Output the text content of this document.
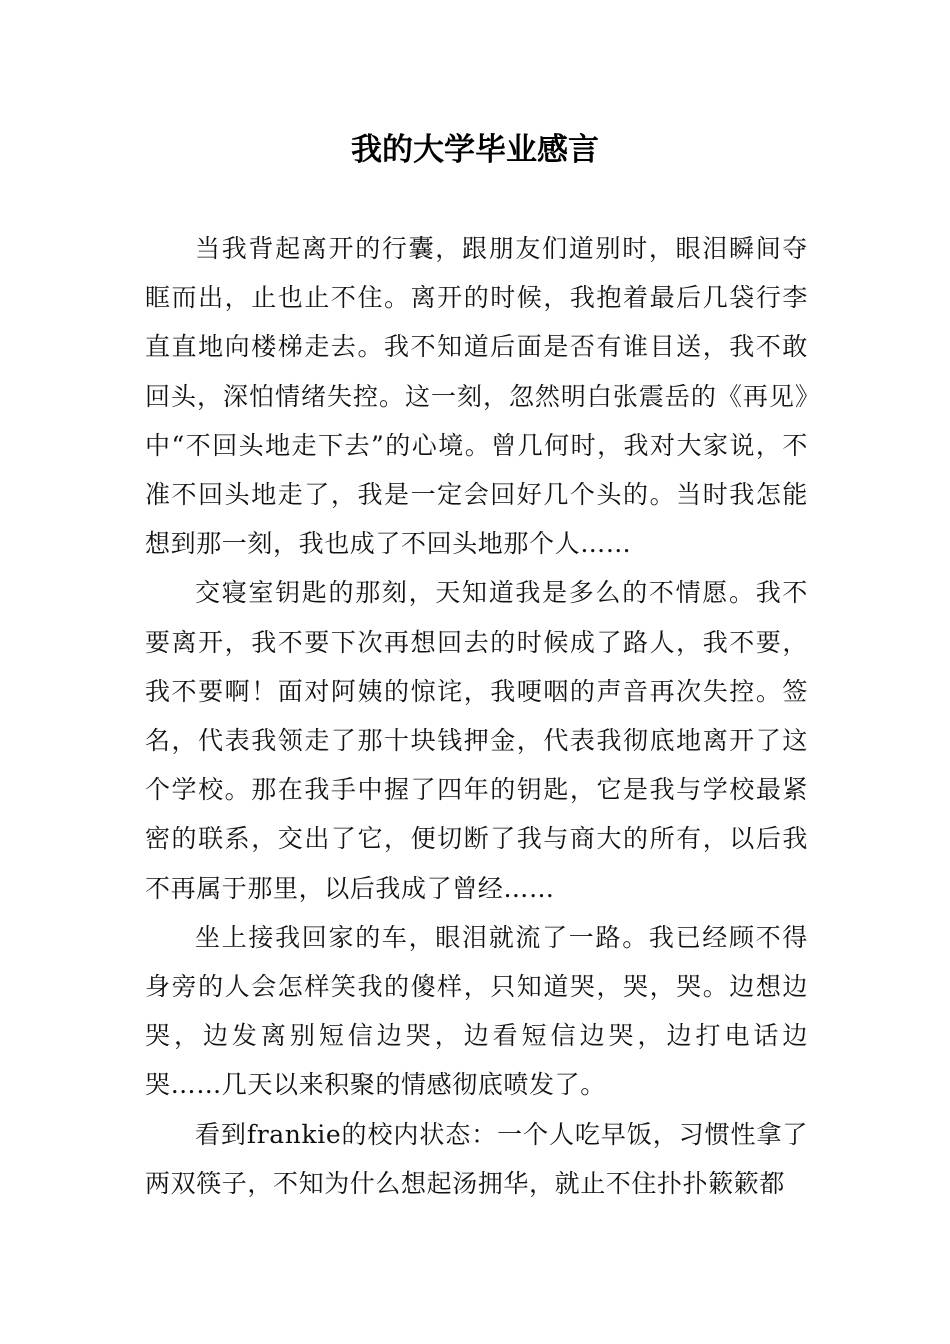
我的大学毕业感言

当我背起离开的行囊，跟朋友们道别时，眼泪瞬间夺眶而出，止也止不住。离开的时候，我抱着最后几袋行李直直地向楼梯走去。我不知道后面是否有谁目送，我不敢回头，深怕情绪失控。这一刻，忽然明白张震岳的《再见》中“不回头地走下去”的心境。曾几何时，我对大家说，不准不回头地走了，我是一定会回好几个头的。当时我怎能想到那一刻，我也成了不回头地那个人……

交寝室钥匙的那刻，天知道我是多么的不情愿。我不要离开，我不要下次再想回去的时候成了路人，我不要，我不要啊！面对阿姨的惊诧，我哽咽的声音再次失控。签名，代表我领走了那十块钱押金，代表我彻底地离开了这个学校。那在我手中握了四年的钥匙，它是我与学校最紧密的联系，交出了它，便切断了我与商大的所有，以后我不再属于那里，以后我成了曾经……

坐上接我回家的车，眼泪就流了一路。我已经顾不得身旁的人会怎样笑我的傻样，只知道哭，哭，哭。边想边哭，边发离别短信边哭，边看短信边哭，边打电话边哭……几天以来积聚的情感彻底喷发了。

看到frankie的校内状态：一个人吃早饭，习惯性拿了两双筷子，不知为什么想起汤拥华，就止不住扑扑簌簌都
